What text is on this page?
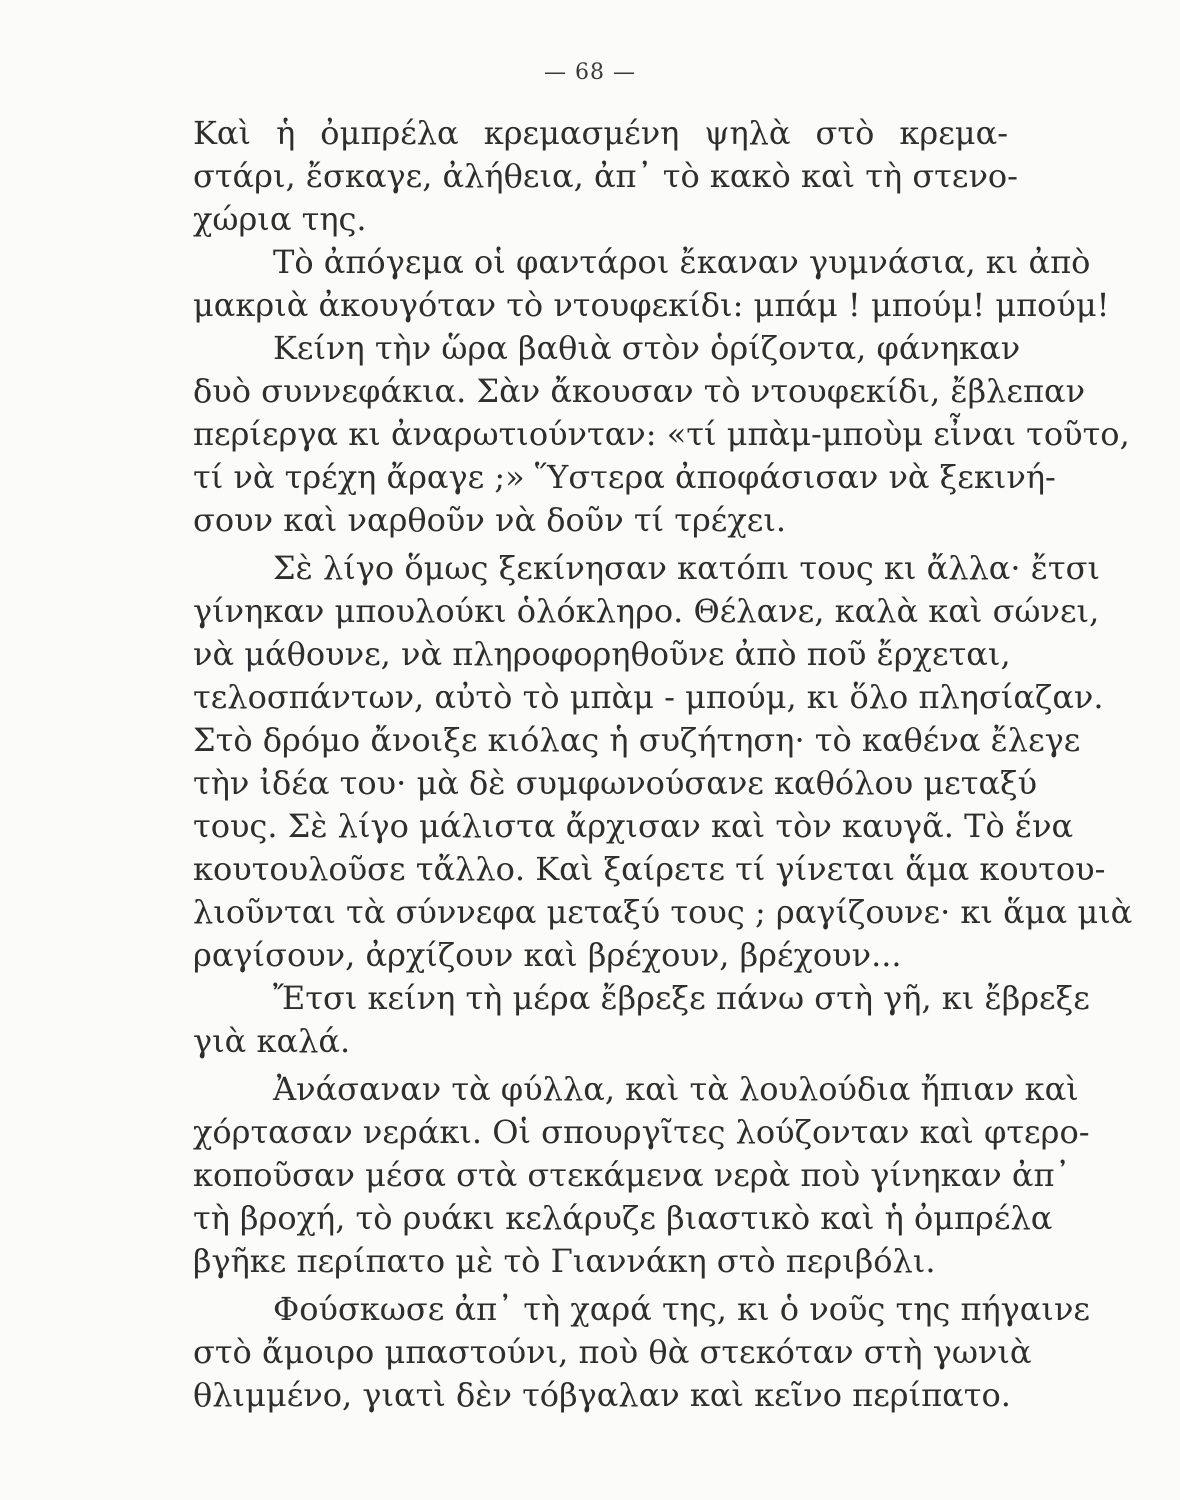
— 68 —
Καὶ ἡ ὀμπρέλα κρεμασμένη ψηλὰ στὸ κρεμα-
στάρι, ἔσκαγε, ἀλήθεια, ἀπ᾽ τὸ κακὸ καὶ τὴ στενο-
χώρια της.
Τὸ ἀπόγεμα οἱ φαντάροι ἔκαναν γυμνάσια, κι ἀπὸ
μακριὰ ἀκουγόταν τὸ ντουφεκίδι: μπάμ ! μπούμ! μπούμ!
Κείνη τὴν ὥρα βαθιὰ στὸν ὁρίζοντα, φάνηκαν
δυὸ συννεφάκια. Σὰν ἄκουσαν τὸ ντουφεκίδι, ἔβλεπαν
περίεργα κι ἀναρωτιούνταν: «τί μπὰμ-μποὺμ εἶναι τοῦτο,
τί νὰ τρέχη ἄραγε ;» Ὕστερα ἀποφάσισαν νὰ ξεκινή-
σουν καὶ ναρθοῦν νὰ δοῦν τί τρέχει.
Σὲ λίγο ὅμως ξεκίνησαν κατόπι τους κι ἄλλα· ἔτσι
γίνηκαν μπουλούκι ὁλόκληρο. Θέλανε, καλὰ καὶ σώνει,
νὰ μάθουνε, νὰ πληροφορηθοῦνε ἀπὸ ποῦ ἔρχεται,
τελοσπάντων, αὐτὸ τὸ μπὰμ - μπούμ, κι ὅλο πλησίαζαν.
Στὸ δρόμο ἄνοιξε κιόλας ἡ συζήτηση· τὸ καθένα ἔλεγε
τὴν ἰδέα του· μὰ δὲ συμφωνούσανε καθόλου μεταξύ
τους. Σὲ λίγο μάλιστα ἄρχισαν καὶ τὸν καυγᾶ. Τὸ ἕνα
κουτουλοῦσε τἄλλο. Καὶ ξαίρετε τί γίνεται ἅμα κουτου-
λιοῦνται τὰ σύννεφα μεταξύ τους ; ραγίζουνε· κι ἅμα μιὰ
ραγίσουν, ἀρχίζουν καὶ βρέχουν, βρέχουν...
Ἔτσι κείνη τὴ μέρα ἔβρεξε πάνω στὴ γῆ, κι ἔβρεξε
γιὰ καλά.
Ἀνάσαναν τὰ φύλλα, καὶ τὰ λουλούδια ἤπιαν καὶ
χόρτασαν νεράκι. Οἱ σπουργῖτες λούζονταν καὶ φτερο-
κοποῦσαν μέσα στὰ στεκάμενα νερὰ ποὺ γίνηκαν ἀπ᾽
τὴ βροχή, τὸ ρυάκι κελάρυζε βιαστικὸ καὶ ἡ ὀμπρέλα
βγῆκε περίπατο μὲ τὸ Γιαννάκη στὸ περιβόλι.
Φούσκωσε ἀπ᾽ τὴ χαρά της, κι ὁ νοῦς της πήγαινε
στὸ ἄμοιρο μπαστούνι, ποὺ θὰ στεκόταν στὴ γωνιὰ
θλιμμένο, γιατὶ δὲν τόβγαλαν καὶ κεῖνο περίπατο.
